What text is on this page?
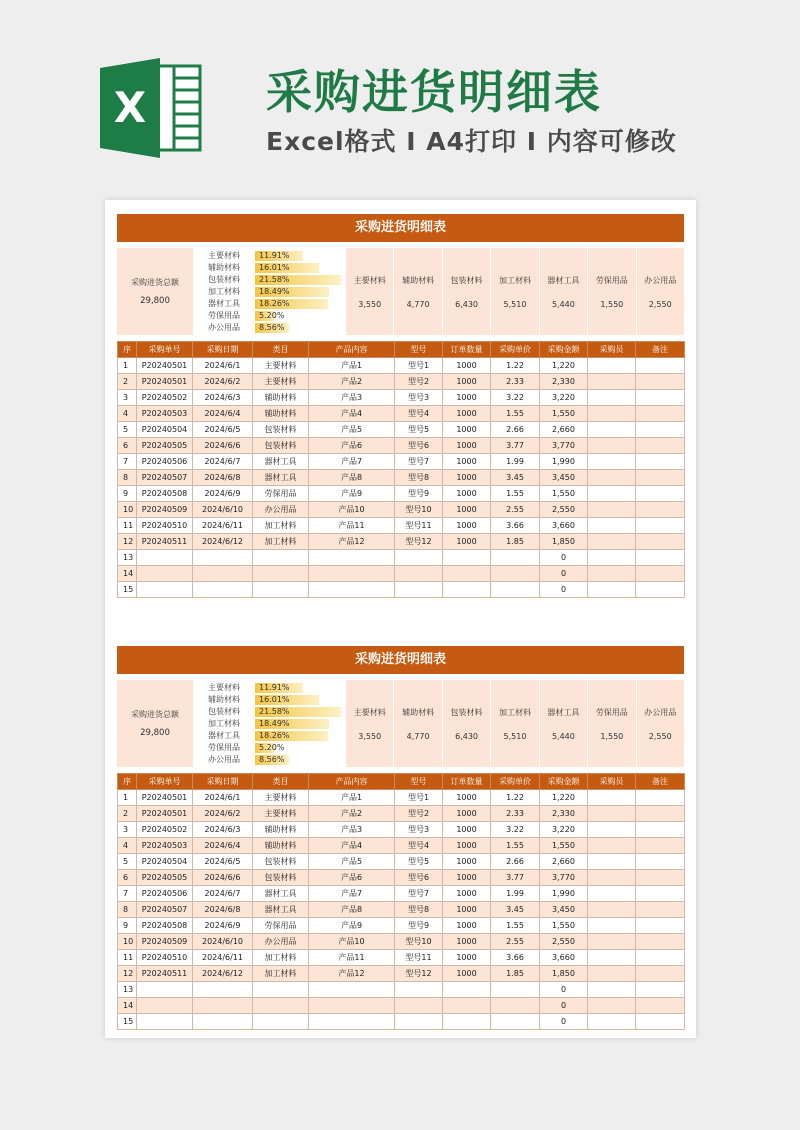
X	采购进货明细表
Excel格式 I A4打印 I 内容可修改
采购进货明细表
采购进货总额
29,800
主要材料	11.91%
辅助材料	16.01%
包装材料	21.58%
加工材料	18.49%
器材工具	18.26%
劳保用品	5.20%
办公用品	8.56%
主要材料
3,550
辅助材料
4,770
包装材料
6,430
加工材料
5,510
器材工具
5,440
劳保用品
1,550
办公用品
2,550
序	采购单号	采购日期	类目	产品内容	型号	订单数量	采购单价	采购金额	采购员	备注
1	P20240501	2024/6/1	主要材料	产品1	型号1	1000	1.22	1,220		
2	P20240501	2024/6/2	主要材料	产品2	型号2	1000	2.33	2,330		
3	P20240502	2024/6/3	辅助材料	产品3	型号3	1000	3.22	3,220		
4	P20240503	2024/6/4	辅助材料	产品4	型号4	1000	1.55	1,550		
5	P20240504	2024/6/5	包装材料	产品5	型号5	1000	2.66	2,660		
6	P20240505	2024/6/6	包装材料	产品6	型号6	1000	3.77	3,770		
7	P20240506	2024/6/7	器材工具	产品7	型号7	1000	1.99	1,990		
8	P20240507	2024/6/8	器材工具	产品8	型号8	1000	3.45	3,450		
9	P20240508	2024/6/9	劳保用品	产品9	型号9	1000	1.55	1,550		
10	P20240509	2024/6/10	办公用品	产品10	型号10	1000	2.55	2,550		
11	P20240510	2024/6/11	加工材料	产品11	型号11	1000	3.66	3,660		
12	P20240511	2024/6/12	加工材料	产品12	型号12	1000	1.85	1,850		
13								0		
14								0		
15								0		
采购进货明细表
采购进货总额
29,800
主要材料	11.91%
辅助材料	16.01%
包装材料	21.58%
加工材料	18.49%
器材工具	18.26%
劳保用品	5.20%
办公用品	8.56%
主要材料
3,550
辅助材料
4,770
包装材料
6,430
加工材料
5,510
器材工具
5,440
劳保用品
1,550
办公用品
2,550
序	采购单号	采购日期	类目	产品内容	型号	订单数量	采购单价	采购金额	采购员	备注
1	P20240501	2024/6/1	主要材料	产品1	型号1	1000	1.22	1,220		
2	P20240501	2024/6/2	主要材料	产品2	型号2	1000	2.33	2,330		
3	P20240502	2024/6/3	辅助材料	产品3	型号3	1000	3.22	3,220		
4	P20240503	2024/6/4	辅助材料	产品4	型号4	1000	1.55	1,550		
5	P20240504	2024/6/5	包装材料	产品5	型号5	1000	2.66	2,660		
6	P20240505	2024/6/6	包装材料	产品6	型号6	1000	3.77	3,770		
7	P20240506	2024/6/7	器材工具	产品7	型号7	1000	1.99	1,990		
8	P20240507	2024/6/8	器材工具	产品8	型号8	1000	3.45	3,450		
9	P20240508	2024/6/9	劳保用品	产品9	型号9	1000	1.55	1,550		
10	P20240509	2024/6/10	办公用品	产品10	型号10	1000	2.55	2,550		
11	P20240510	2024/6/11	加工材料	产品11	型号11	1000	3.66	3,660		
12	P20240511	2024/6/12	加工材料	产品12	型号12	1000	1.85	1,850		
13								0		
14								0		
15								0		
